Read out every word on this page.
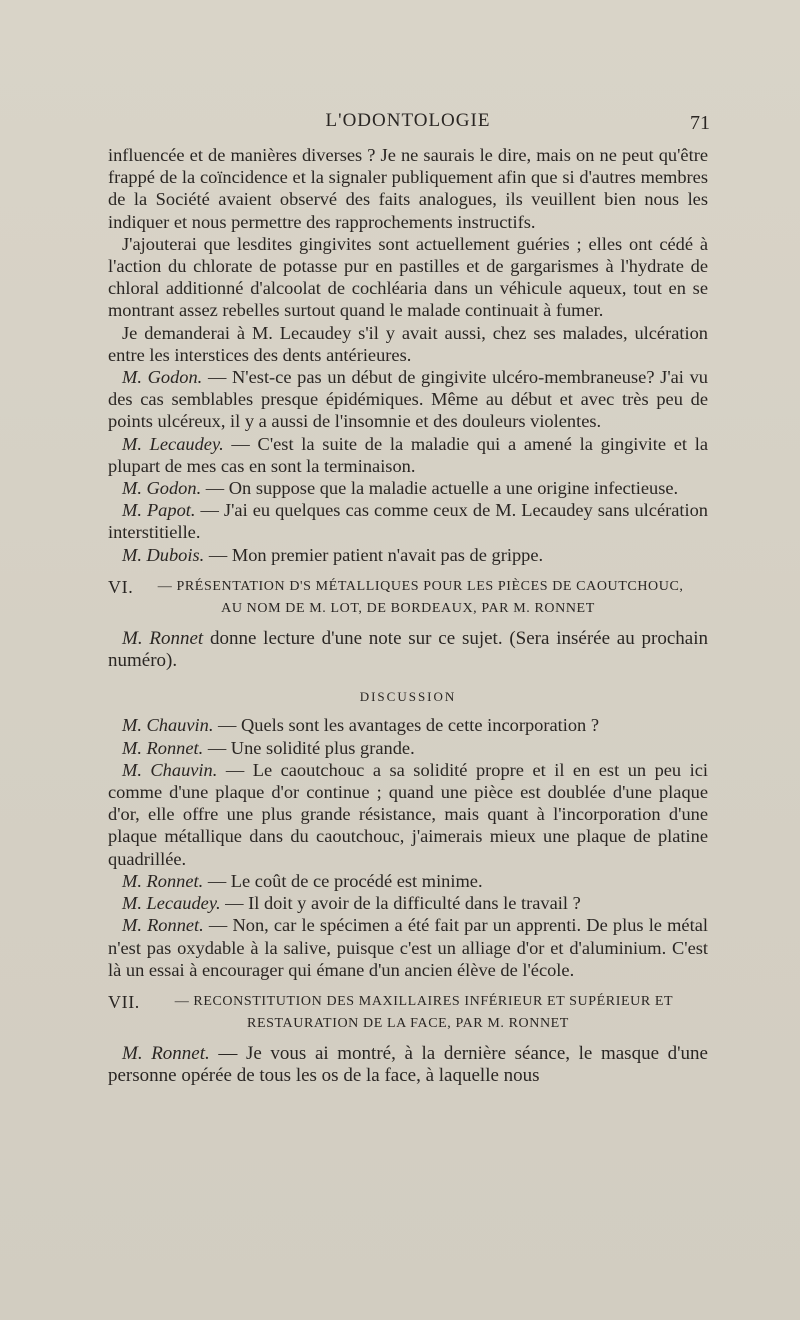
L'ODONTOLOGIE	71

influencée et de manières diverses ? Je ne saurais le dire, mais on ne peut qu'être frappé de la coïncidence et la signaler publiquement afin que si d'autres membres de la Société avaient observé des faits analogues, ils veuillent bien nous les indiquer et nous permettre des rapprochements instructifs.

J'ajouterai que lesdites gingivites sont actuellement guéries ; elles ont cédé à l'action du chlorate de potasse pur en pastilles et de gargarismes à l'hydrate de chloral additionné d'alcoolat de cochléaria dans un véhicule aqueux, tout en se montrant assez rebelles surtout quand le malade continuait à fumer.

Je demanderai à M. Lecaudey s'il y avait aussi, chez ses malades, ulcération entre les interstices des dents antérieures.

M. Godon. — N'est-ce pas un début de gingivite ulcéro-membraneuse? J'ai vu des cas semblables presque épidémiques. Même au début et avec très peu de points ulcéreux, il y a aussi de l'insomnie et des douleurs violentes.

M. Lecaudey. — C'est la suite de la maladie qui a amené la gingivite et la plupart de mes cas en sont la terminaison.

M. Godon. — On suppose que la maladie actuelle a une origine infectieuse.

M. Papot. — J'ai eu quelques cas comme ceux de M. Lecaudey sans ulcération interstitielle.

M. Dubois. — Mon premier patient n'avait pas de grippe.

VI. — PRÉSENTATION D'S MÉTALLIQUES POUR LES PIÈCES DE CAOUTCHOUC,
AU NOM DE M. LOT, DE BORDEAUX, PAR M. RONNET

M. Ronnet donne lecture d'une note sur ce sujet. (Sera insérée au prochain numéro).

DISCUSSION

M. Chauvin. — Quels sont les avantages de cette incorporation ?

M. Ronnet. — Une solidité plus grande.

M. Chauvin. — Le caoutchouc a sa solidité propre et il en est un peu ici comme d'une plaque d'or continue ; quand une pièce est doublée d'une plaque d'or, elle offre une plus grande résistance, mais quant à l'incorporation d'une plaque métallique dans du caoutchouc, j'aimerais mieux une plaque de platine quadrillée.

M. Ronnet. — Le coût de ce procédé est minime.

M. Lecaudey. — Il doit y avoir de la difficulté dans le travail ?

M. Ronnet. — Non, car le spécimen a été fait par un apprenti. De plus le métal n'est pas oxydable à la salive, puisque c'est un alliage d'or et d'aluminium. C'est là un essai à encourager qui émane d'un ancien élève de l'école.

VII. — RECONSTITUTION DES MAXILLAIRES INFÉRIEUR ET SUPÉRIEUR ET
RESTAURATION DE LA FACE, PAR M. RONNET

M. Ronnet. — Je vous ai montré, à la dernière séance, le masque d'une personne opérée de tous les os de la face, à laquelle nous
